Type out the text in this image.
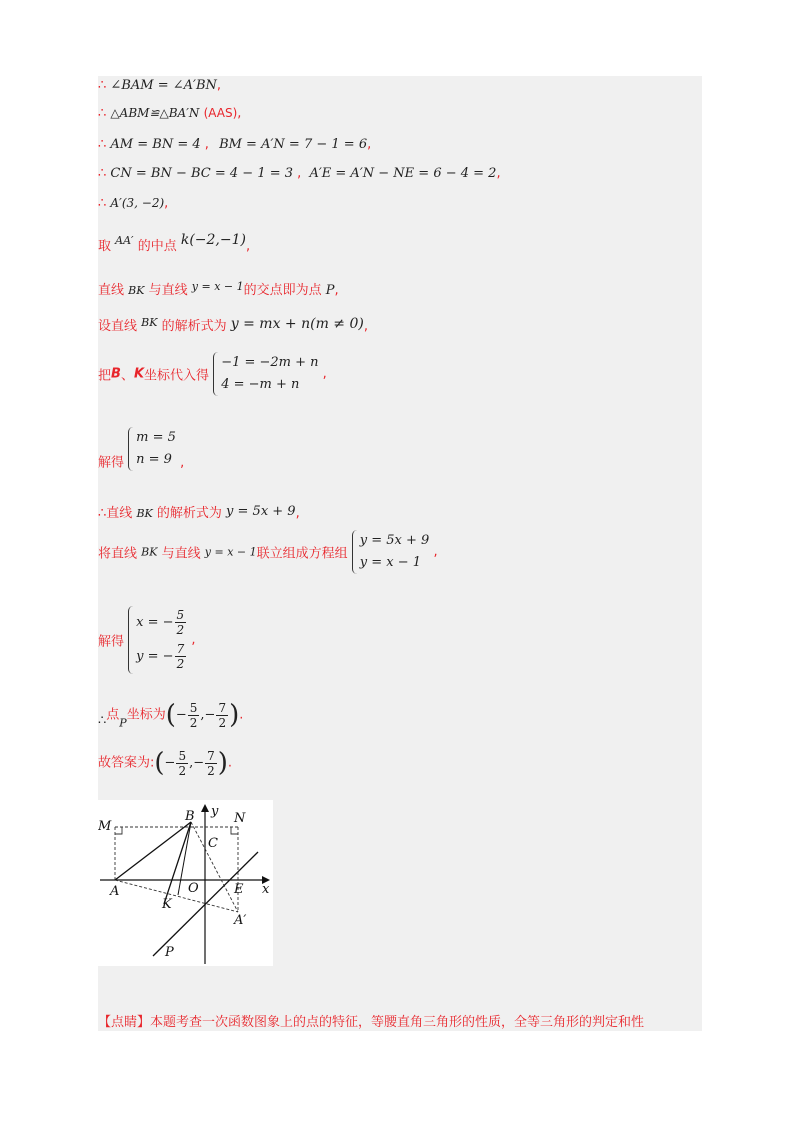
∴ ∠BAM = ∠A′BN,
∴ △ABM≌△BA′N (AAS),
∴ AM = BN = 4 , BM = A′N = 7 − 1 = 6,
∴ CN = BN − BC = 4 − 1 = 3 , A′E = A′N − NE = 6 − 4 = 2,
∴ A′(3, −2),
取 $^{AA'}$ 的中点 k(−2,−1),
直线 BK 与直线 $^{y = x - 1}$的交点即为点 P,
设直线 $^{BK}$ 的解析式为 y = mx + n(m ≠ 0),
把B、K坐标代入得
−1 = −2m + n
4 = −m + n
,
解得
m = 5
n = 9 ,
∴直线 BK 的解析式为 y = 5x + 9,
将直线 BK 与直线 y = x − 1联立组成方程组
y = 5x + 9
y = x − 1
,
解得
x = − $\frac{5}{2}$
y = − $\frac{7}{2}$
,
∴点$_P$坐标为(− $\frac{5}{2}$ ,− $\frac{7}{2}$ ).
故答案为:(− $\frac{5}{2}$ ,− $\frac{7}{2}$ ).
M
B y N
C
A	O	E x
K
A′
P
【点睛】本题考查一次函数图象上的点的特征，等腰直角三角形的性质，全等三角形的判定和性
